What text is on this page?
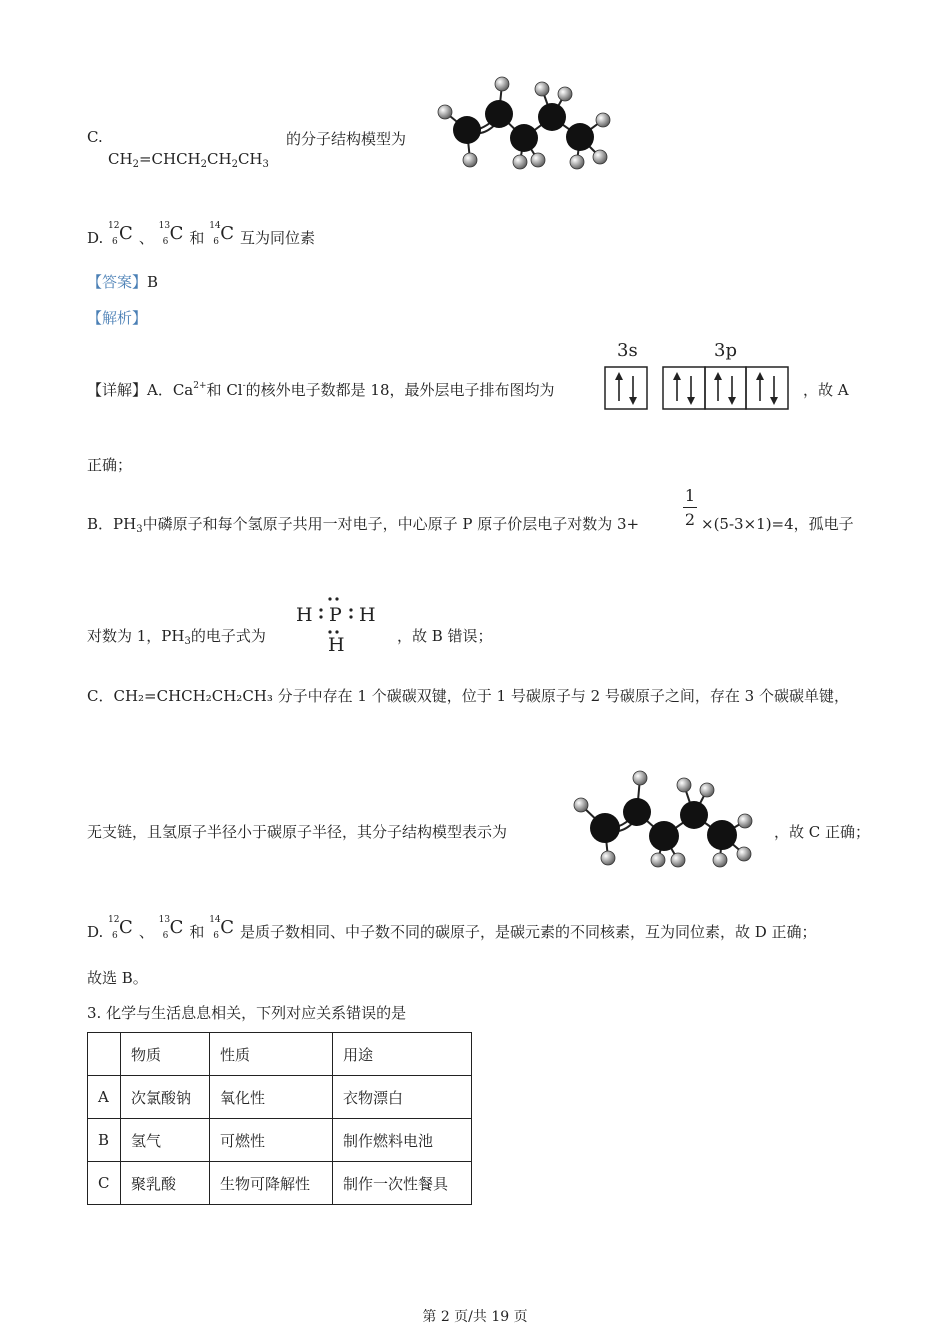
C.
$CH_2=CHCH_2CH_2CH_3$
的分子结构模型为
D.
12
6 C 、
13
6 C 和
14
6 C 互为同位素
【答案】B
【解析】
【详解】A．$Ca^{2+}$和 Cl-的核外电子数都是 18，最外层电子排布图均为
3s	3p
，故 A
正确；
B．$PH_3$中磷原子和每个氢原子共用一对电子，中心原子 P 原子价层电子对数为 3+
1
2 ×(5-3×1)=4，孤电子
对数为 1，$PH_3$的电子式为
H P H
H	，故 B 错误；
C．CH₂=CHCH₂CH₂CH₃ 分子中存在 1 个碳碳双键，位于 1 号碳原子与 2 号碳原子之间，存在 3 个碳碳单键，
无支链，且氢原子半径小于碳原子半径，其分子结构模型表示为	，故 C 正确；
D.
12
6 C 、
13
6 C 和
14
6 C 是质子数相同、中子数不同的碳原子，是碳元素的不同核素，互为同位素，故 D 正确；
故选 B。
3. 化学与生活息息相关，下列对应关系错误的是
	物质	性质	用途
A	次氯酸钠	氧化性	衣物漂白
B	氢气	可燃性	制作燃料电池
C	聚乳酸	生物可降解性	制作一次性餐具
第 2 页/共 19 页
